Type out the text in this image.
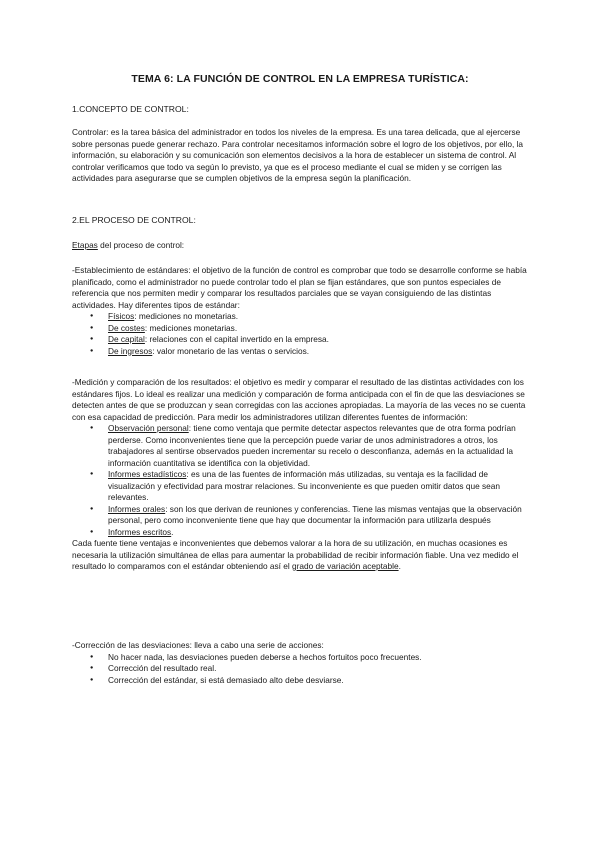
TEMA 6: LA FUNCIÓN DE CONTROL EN LA EMPRESA TURÍSTICA:
1.CONCEPTO DE CONTROL:

Controlar: es la tarea básica del administrador en todos los niveles de la empresa. Es una tarea delicada, que al ejercerse sobre personas puede generar rechazo. Para controlar necesitamos información sobre el logro de los objetivos, por ello, la información, su elaboración y su comunicación son elementos decisivos a la hora de establecer un sistema de control. Al controlar verificamos que todo va según lo previsto, ya que es el proceso mediante el cual se miden y se corrigen las actividades para asegurarse que se cumplen objetivos de la empresa según la planificación.

2.EL PROCESO DE CONTROL:

Etapas del proceso de control:

-Establecimiento de estándares: el objetivo de la función de control es comprobar que todo se desarrolle conforme se había planificado, como el administrador no puede controlar todo el plan se fijan estándares, que son puntos especiales de referencia que nos permiten medir y comparar los resultados parciales que se vayan consiguiendo de las distintas actividades. Hay diferentes tipos de estándar:

● Físicos: mediciones no monetarias.
● De costes: mediciones monetarias.
● De capital: relaciones con el capital invertido en la empresa.
● De ingresos: valor monetario de las ventas o servicios.

-Medición y comparación de los resultados: el objetivo es medir y comparar el resultado de las distintas actividades con los estándares fijos. Lo ideal es realizar una medición y comparación de forma anticipada con el fin de que las desviaciones se detecten antes de que se produzcan y sean corregidas con las acciones apropiadas. La mayoría de las veces no se cuenta con esa capacidad de predicción. Para medir los administradores utilizan diferentes fuentes de información:

● Observación personal: tiene como ventaja que permite detectar aspectos relevantes que de otra forma podrían perderse. Como inconvenientes tiene que la percepción puede variar de unos administradores a otros, los trabajadores al sentirse observados pueden incrementar su recelo o desconfianza, además en la actualidad la información cuantitativa se identifica con la objetividad.
● Informes estadísticos: es una de las fuentes de información más utilizadas, su ventaja es la facilidad de visualización y efectividad para mostrar relaciones. Su inconveniente es que pueden omitir datos que sean relevantes.
● Informes orales: son los que derivan de reuniones y conferencias. Tiene las mismas ventajas que la observación personal, pero como inconveniente tiene que hay que documentar la información para utilizarla después
● Informes escritos.

Cada fuente tiene ventajas e inconvenientes que debemos valorar a la hora de su utilización, en muchas ocasiones es necesaria la utilización simultánea de ellas para aumentar la probabilidad de recibir información fiable. Una vez medido el resultado lo comparamos con el estándar obteniendo así el grado de variación aceptable.

-Corrección de las desviaciones: lleva a cabo una serie de acciones:

● No hacer nada, las desviaciones pueden deberse a hechos fortuitos poco frecuentes.
● Corrección del resultado real.
● Corrección del estándar, si está demasiado alto debe desviarse.
